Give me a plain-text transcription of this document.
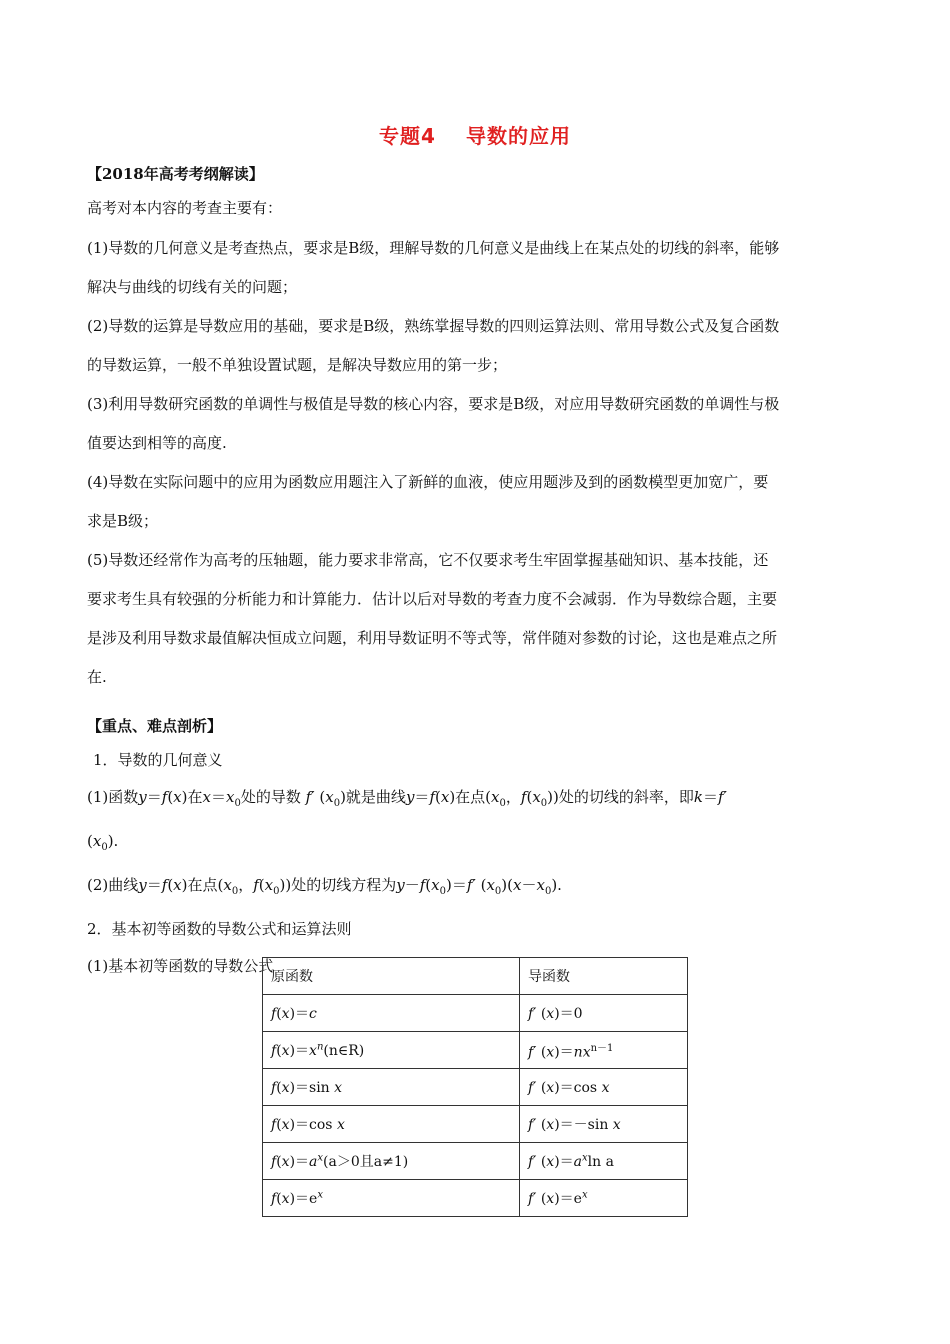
专题4 导数的应用
【2018年高考考纲解读】
高考对本内容的考查主要有：
(1)导数的几何意义是考查热点，要求是B级，理解导数的几何意义是曲线上在某点处的切线的斜率，能够
解决与曲线的切线有关的问题；
(2)导数的运算是导数应用的基础，要求是B级，熟练掌握导数的四则运算法则、常用导数公式及复合函数
的导数运算，一般不单独设置试题，是解决导数应用的第一步；
(3)利用导数研究函数的单调性与极值是导数的核心内容，要求是B级，对应用导数研究函数的单调性与极
值要达到相等的高度.
(4)导数在实际问题中的应用为函数应用题注入了新鲜的血液，使应用题涉及到的函数模型更加宽广，要
求是B级；
(5)导数还经常作为高考的压轴题，能力要求非常高，它不仅要求考生牢固掌握基础知识、基本技能，还
要求考生具有较强的分析能力和计算能力．估计以后对导数的考查力度不会减弱．作为导数综合题，主要
是涉及利用导数求最值解决恒成立问题，利用导数证明不等式等，常伴随对参数的讨论，这也是难点之所
在.
【重点、难点剖析】
1．导数的几何意义
(1)函数y＝f(x)在$x=x_0$处的导数 f′ $(x_0)$就是曲线y＝f(x)在点($x_0$，$f(x_0)$)处的切线的斜率，即k＝f′
$(x_0)$.
(2)曲线y＝f(x)在点($x_0$，$f(x_0)$)处的切线方程为$y-f(x_0)=f'$ $(x_0)(x-x_0)$.
2．基本初等函数的导数公式和运算法则
(1)基本初等函数的导数公式
原函数	导函数
f(x)＝c	f′ (x)＝0
$f(x)=x^n(n\in R)$	f′ $(x)=nx^{n-1}$
f(x)＝sin x	f′ (x)＝cos x
f(x)＝cos x	f′ (x)＝－sin x
$f(x)=a^x(a>0$且a≠1)	f′ $(x)=a^x\ln$ a
$f(x)=e^x$	f′ $(x)=e^x$
